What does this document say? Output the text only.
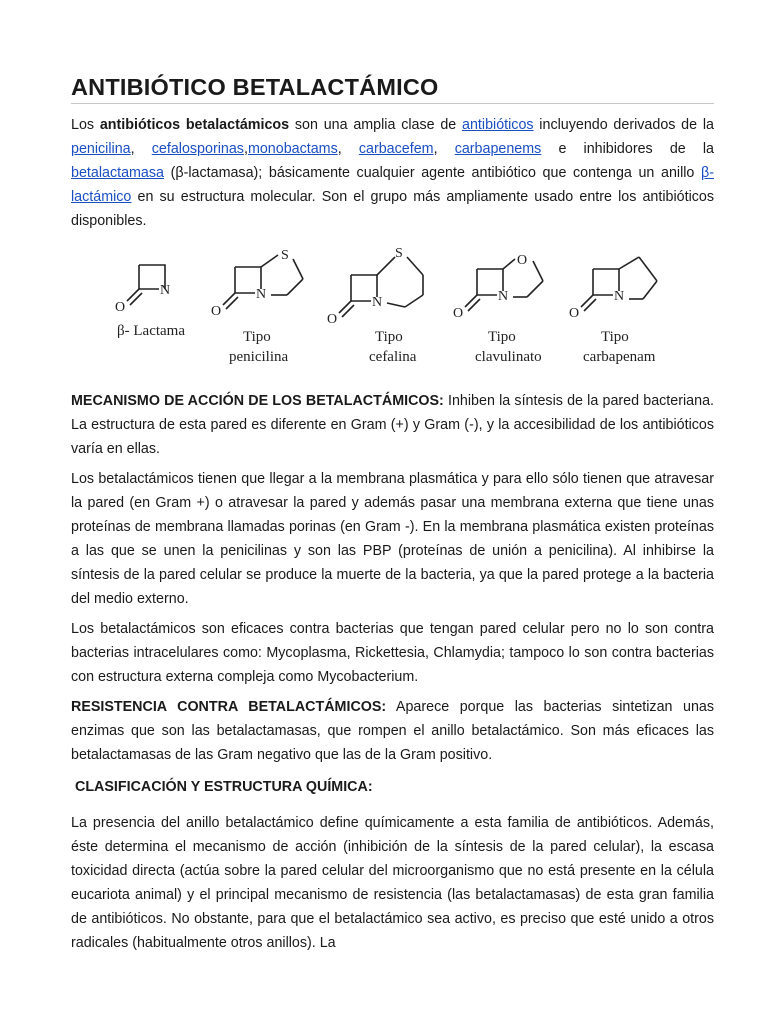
ANTIBIÓTICO BETALACTÁMICO

Los antibióticos betalactámicos son una amplia clase de antibióticos incluyendo derivados de la penicilina, cefalosporinas,monobactams, carbacefem, carbapenems e inhibidores de la betalactamasa (β-lactamasa); básicamente cualquier agente antibiótico que contenga un anillo β-lactámico en su estructura molecular. Son el grupo más ampliamente usado entre los antibióticos disponibles.

N
O
β- Lactama
S
N
O
Tipo
penicilina
S
N
O
Tipo
cefalina
O
N
O
Tipo
clavulinato
N
O
Tipo
carbapenam

MECANISMO DE ACCIÓN DE LOS BETALACTÁMICOS: Inhiben la síntesis de la pared bacteriana. La estructura de esta pared es diferente en Gram (+) y Gram (-), y la accesibilidad de los antibióticos varía en ellas.

Los betalactámicos tienen que llegar a la membrana plasmática y para ello sólo tienen que atravesar la pared (en Gram +) o atravesar la pared y además pasar una membrana externa que tiene unas proteínas de membrana llamadas porinas (en Gram -). En la membrana plasmática existen proteínas a las que se unen la penicilinas y son las PBP (proteínas de unión a penicilina). Al inhibirse la síntesis de la pared celular se produce la muerte de la bacteria, ya que la pared protege a la bacteria del medio externo.

Los betalactámicos son eficaces contra bacterias que tengan pared celular pero no lo son contra bacterias intracelulares como: Mycoplasma, Rickettesia, Chlamydia; tampoco lo son contra bacterias con estructura externa compleja como Mycobacterium.

RESISTENCIA CONTRA BETALACTÁMICOS: Aparece porque las bacterias sintetizan unas enzimas que son las betalactamasas, que rompen el anillo betalactámico. Son más eficaces las betalactamasas de las Gram negativo que las de la Gram positivo.

CLASIFICACIÓN Y ESTRUCTURA QUÍMICA:

La presencia del anillo betalactámico define químicamente a esta familia de antibióticos. Además, éste determina el mecanismo de acción (inhibición de la síntesis de la pared celular), la escasa toxicidad directa (actúa sobre la pared celular del microorganismo que no está presente en la célula eucariota animal) y el principal mecanismo de resistencia (las betalactamasas) de esta gran familia de antibióticos. No obstante, para que el betalactámico sea activo, es preciso que esté unido a otros radicales (habitualmente otros anillos). La
